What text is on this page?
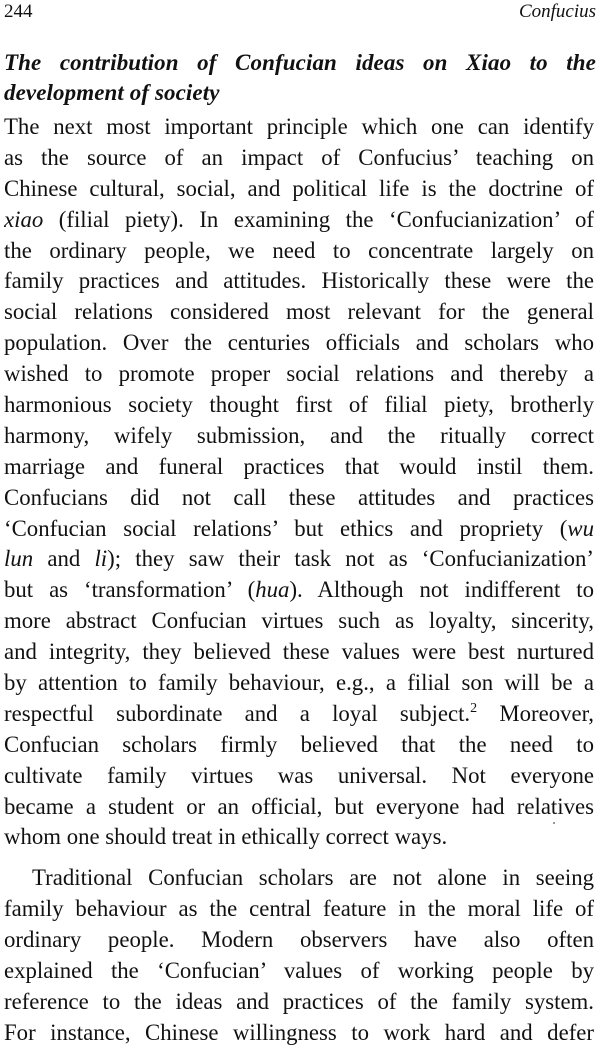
244	Confucius
The contribution of Confucian ideas on Xiao to the
development of society
The next most important principle which one can identify
as the source of an impact of Confucius’ teaching on
Chinese cultural, social, and political life is the doctrine of
xiao (filial piety). In examining the ‘Confucianization’ of
the ordinary people, we need to concentrate largely on
family practices and attitudes. Historically these were the
social relations considered most relevant for the general
population. Over the centuries officials and scholars who
wished to promote proper social relations and thereby a
harmonious society thought first of filial piety, brotherly
harmony, wifely submission, and the ritually correct
marriage and funeral practices that would instil them.
Confucians did not call these attitudes and practices
‘Confucian social relations’ but ethics and propriety (wu
lun and li); they saw their task not as ‘Confucianization’
but as ‘transformation’ (hua). Although not indifferent to
more abstract Confucian virtues such as loyalty, sincerity,
and integrity, they believed these values were best nurtured
by attention to family behaviour, e.g., a filial son will be a
respectful subordinate and a loyal subject.$^2$ Moreover,
Confucian scholars firmly believed that the need to
cultivate family virtues was universal. Not everyone
became a student or an official, but everyone had relatives
whom one should treat in ethically correct ways.
Traditional Confucian scholars are not alone in seeing
family behaviour as the central feature in the moral life of
ordinary people. Modern observers have also often
explained the ‘Confucian’ values of working people by
reference to the ideas and practices of the family system.
For instance, Chinese willingness to work hard and defer
